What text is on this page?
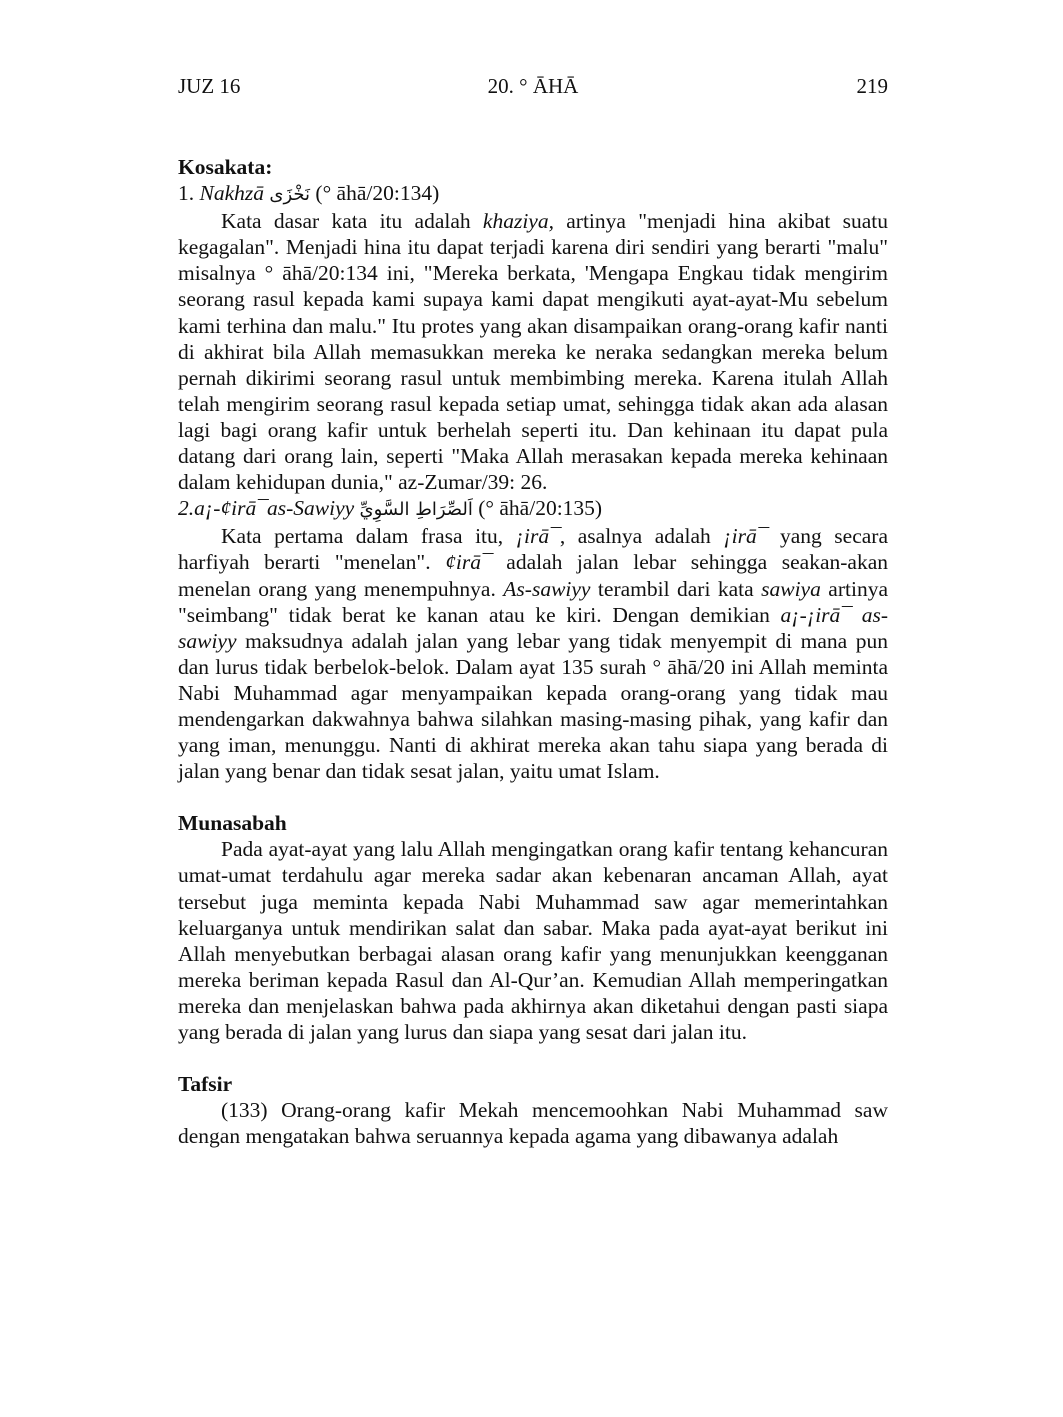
JUZ 16	20. ° ĀHĀ	219

Kosakata:

1. Nakhzā نَخْزَى (° āhā/20:134)

Kata dasar kata itu adalah khaziya, artinya "menjadi hina akibat suatu kegagalan". Menjadi hina itu dapat terjadi karena diri sendiri yang berarti "malu" misalnya ° āhā/20:134 ini, "Mereka berkata, 'Mengapa Engkau tidak mengirim seorang rasul kepada kami supaya kami dapat mengikuti ayat-ayat-Mu sebelum kami terhina dan malu." Itu protes yang akan disampaikan orang-orang kafir nanti di akhirat bila Allah memasukkan mereka ke neraka sedangkan mereka belum pernah dikirimi seorang rasul untuk membimbing mereka. Karena itulah Allah telah mengirim seorang rasul kepada setiap umat, sehingga tidak akan ada alasan lagi bagi orang kafir untuk berhelah seperti itu. Dan kehinaan itu dapat pula datang dari orang lain, seperti "Maka Allah merasakan kepada mereka kehinaan dalam kehidupan dunia," az-Zumar/39: 26.

2.a¡-¢irā¯as-Sawiyy اَلصِّرَاطِ السَّوِيِّ (° āhā/20:135)

Kata pertama dalam frasa itu, ¡irā¯, asalnya adalah ¡irā¯ yang secara harfiyah berarti "menelan". ¢irā¯ adalah jalan lebar sehingga seakan-akan menelan orang yang menempuhnya. As-sawiyy terambil dari kata sawiya artinya "seimbang" tidak berat ke kanan atau ke kiri. Dengan demikian a¡-¡irā¯ as-sawiyy maksudnya adalah jalan yang lebar yang tidak menyempit di mana pun dan lurus tidak berbelok-belok. Dalam ayat 135 surah ° āhā/20 ini Allah meminta Nabi Muhammad agar menyampaikan kepada orang-orang yang tidak mau mendengarkan dakwahnya bahwa silahkan masing-masing pihak, yang kafir dan yang iman, menunggu. Nanti di akhirat mereka akan tahu siapa yang berada di jalan yang benar dan tidak sesat jalan, yaitu umat Islam.

Munasabah

Pada ayat-ayat yang lalu Allah mengingatkan orang kafir tentang kehancuran umat-umat terdahulu agar mereka sadar akan kebenaran ancaman Allah, ayat tersebut juga meminta kepada Nabi Muhammad saw agar memerintahkan keluarganya untuk mendirikan salat dan sabar. Maka pada ayat-ayat berikut ini Allah menyebutkan berbagai alasan orang kafir yang menunjukkan keengganan mereka beriman kepada Rasul dan Al-Qur’an. Kemudian Allah memperingatkan mereka dan menjelaskan bahwa pada akhirnya akan diketahui dengan pasti siapa yang berada di jalan yang lurus dan siapa yang sesat dari jalan itu.

Tafsir

(133) Orang-orang kafir Mekah mencemoohkan Nabi Muhammad saw dengan mengatakan bahwa seruannya kepada agama yang dibawanya adalah
